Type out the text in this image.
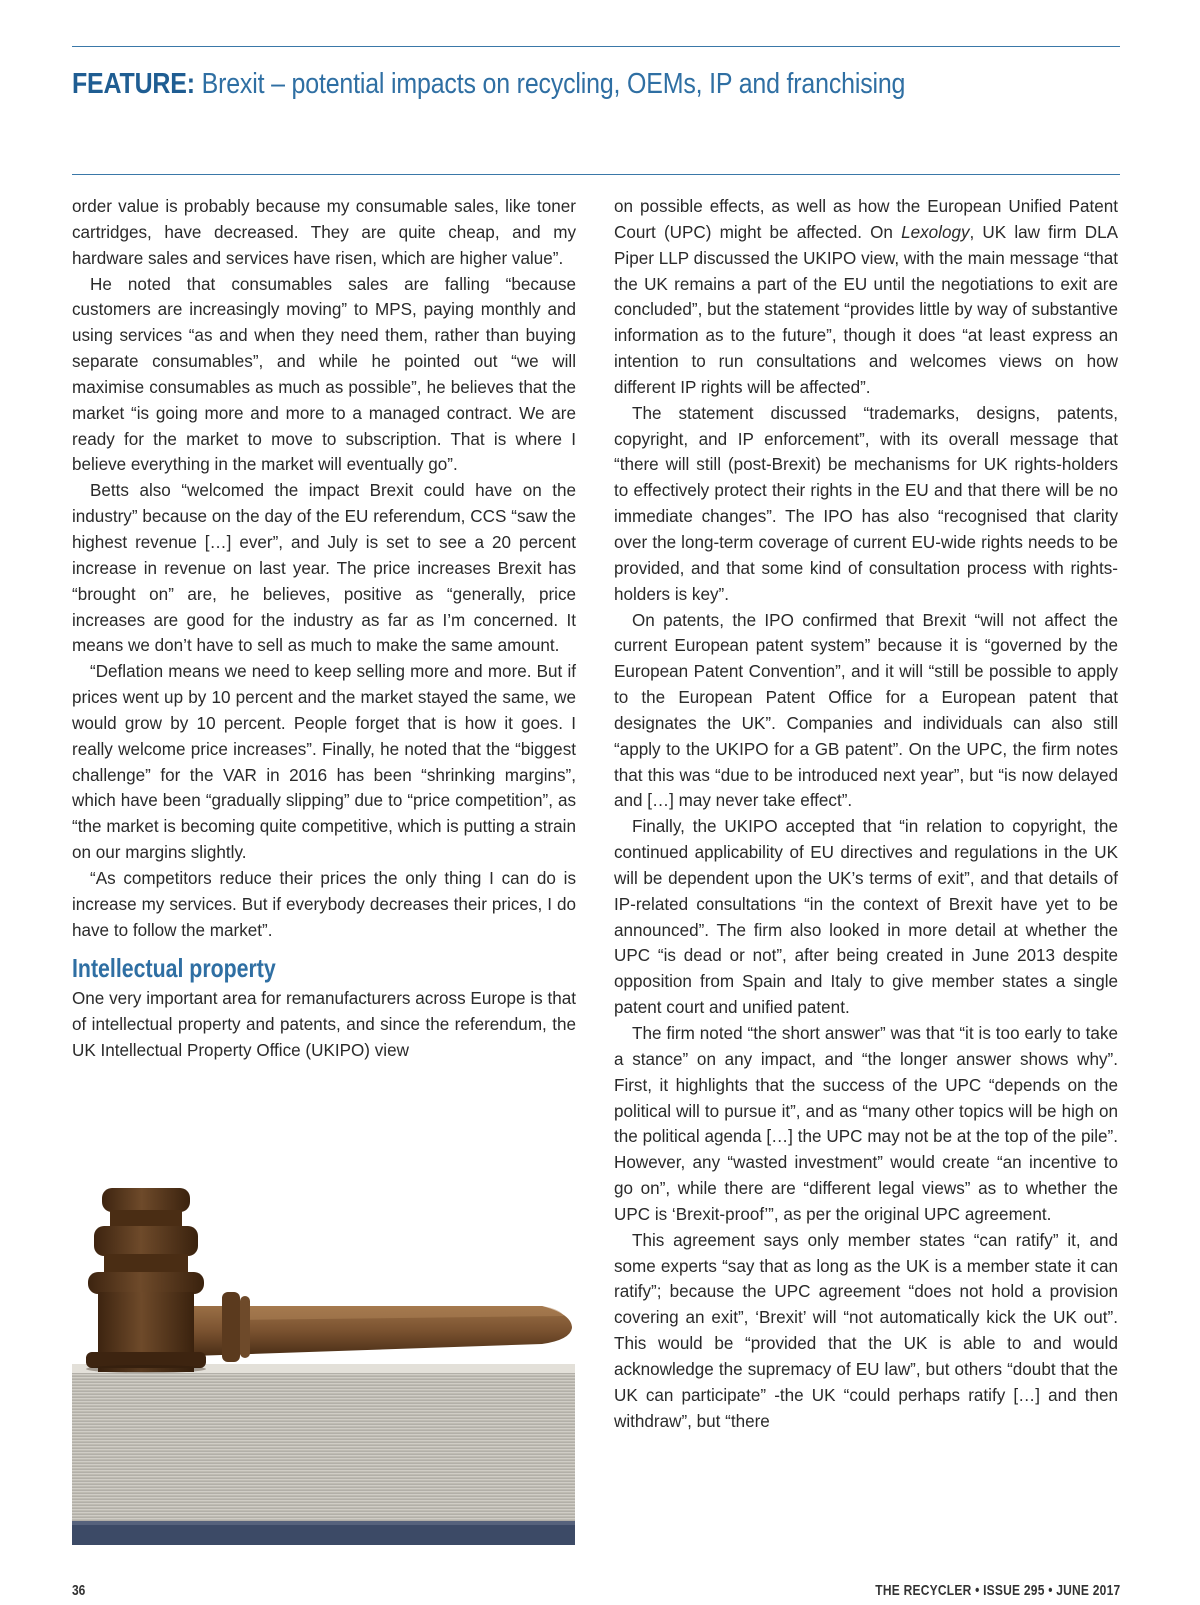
FEATURE: Brexit – potential impacts on recycling, OEMs, IP and franchising

order value is probably because my consumable sales, like toner cartridges, have decreased. They are quite cheap, and my hardware sales and services have risen, which are higher value”.

He noted that consumables sales are falling “because customers are increasingly moving” to MPS, paying monthly and using services “as and when they need them, rather than buying separate consumables”, and while he pointed out “we will maximise consumables as much as possible”, he believes that the market “is going more and more to a managed contract. We are ready for the market to move to subscription. That is where I believe everything in the market will eventually go”.

Betts also “welcomed the impact Brexit could have on the industry” because on the day of the EU referendum, CCS “saw the highest revenue […] ever”, and July is set to see a 20 percent increase in revenue on last year. The price increases Brexit has “brought on” are, he believes, positive as “generally, price increases are good for the industry as far as I’m concerned. It means we don’t have to sell as much to make the same amount.

“Deflation means we need to keep selling more and more. But if prices went up by 10 percent and the market stayed the same, we would grow by 10 percent. People forget that is how it goes. I really welcome price increases”. Finally, he noted that the “biggest challenge” for the VAR in 2016 has been “shrinking margins”, which have been “gradually slipping” due to “price competition”, as “the market is becoming quite competitive, which is putting a strain on our margins slightly.

“As competitors reduce their prices the only thing I can do is increase my services. But if everybody decreases their prices, I do have to follow the market”.

Intellectual property

One very important area for remanufacturers across Europe is that of intellectual property and patents, and since the referendum, the UK Intellectual Property Office (UKIPO) view

on possible effects, as well as how the European Unified Patent Court (UPC) might be affected. On Lexology, UK law firm DLA Piper LLP discussed the UKIPO view, with the main message “that the UK remains a part of the EU until the negotiations to exit are concluded”, but the statement “provides little by way of substantive information as to the future”, though it does “at least express an intention to run consultations and welcomes views on how different IP rights will be affected”.

The statement discussed “trademarks, designs, patents, copyright, and IP enforcement”, with its overall message that “there will still (post-Brexit) be mechanisms for UK rights-holders to effectively protect their rights in the EU and that there will be no immediate changes”. The IPO has also “recognised that clarity over the long-term coverage of current EU-wide rights needs to be provided, and that some kind of consultation process with rights-holders is key”.

On patents, the IPO confirmed that Brexit “will not affect the current European patent system” because it is “governed by the European Patent Convention”, and it will “still be possible to apply to the European Patent Office for a European patent that designates the UK”. Companies and individuals can also still “apply to the UKIPO for a GB patent”. On the UPC, the firm notes that this was “due to be introduced next year”, but “is now delayed and […] may never take effect”.

Finally, the UKIPO accepted that “in relation to copyright, the continued applicability of EU directives and regulations in the UK will be dependent upon the UK’s terms of exit”, and that details of IP-related consultations “in the context of Brexit have yet to be announced”. The firm also looked in more detail at whether the UPC “is dead or not”, after being created in June 2013 despite opposition from Spain and Italy to give member states a single patent court and unified patent.

The firm noted “the short answer” was that “it is too early to take a stance” on any impact, and “the longer answer shows why”. First, it highlights that the success of the UPC “depends on the political will to pursue it”, and as “many other topics will be high on the political agenda […] the UPC may not be at the top of the pile”. However, any “wasted investment” would create “an incentive to go on”, while there are “different legal views” as to whether the UPC is ‘Brexit-proof’”, as per the original UPC agreement.

This agreement says only member states “can ratify” it, and some experts “say that as long as the UK is a member state it can ratify”; because the UPC agreement “does not hold a provision covering an exit”, ‘Brexit’ will “not automatically kick the UK out”. This would be “provided that the UK is able to and would acknowledge the supremacy of EU law”, but others “doubt that the UK can participate” -the UK “could perhaps ratify […] and then withdraw”, but “there

36	THE RECYCLER • ISSUE 295 • JUNE 2017
